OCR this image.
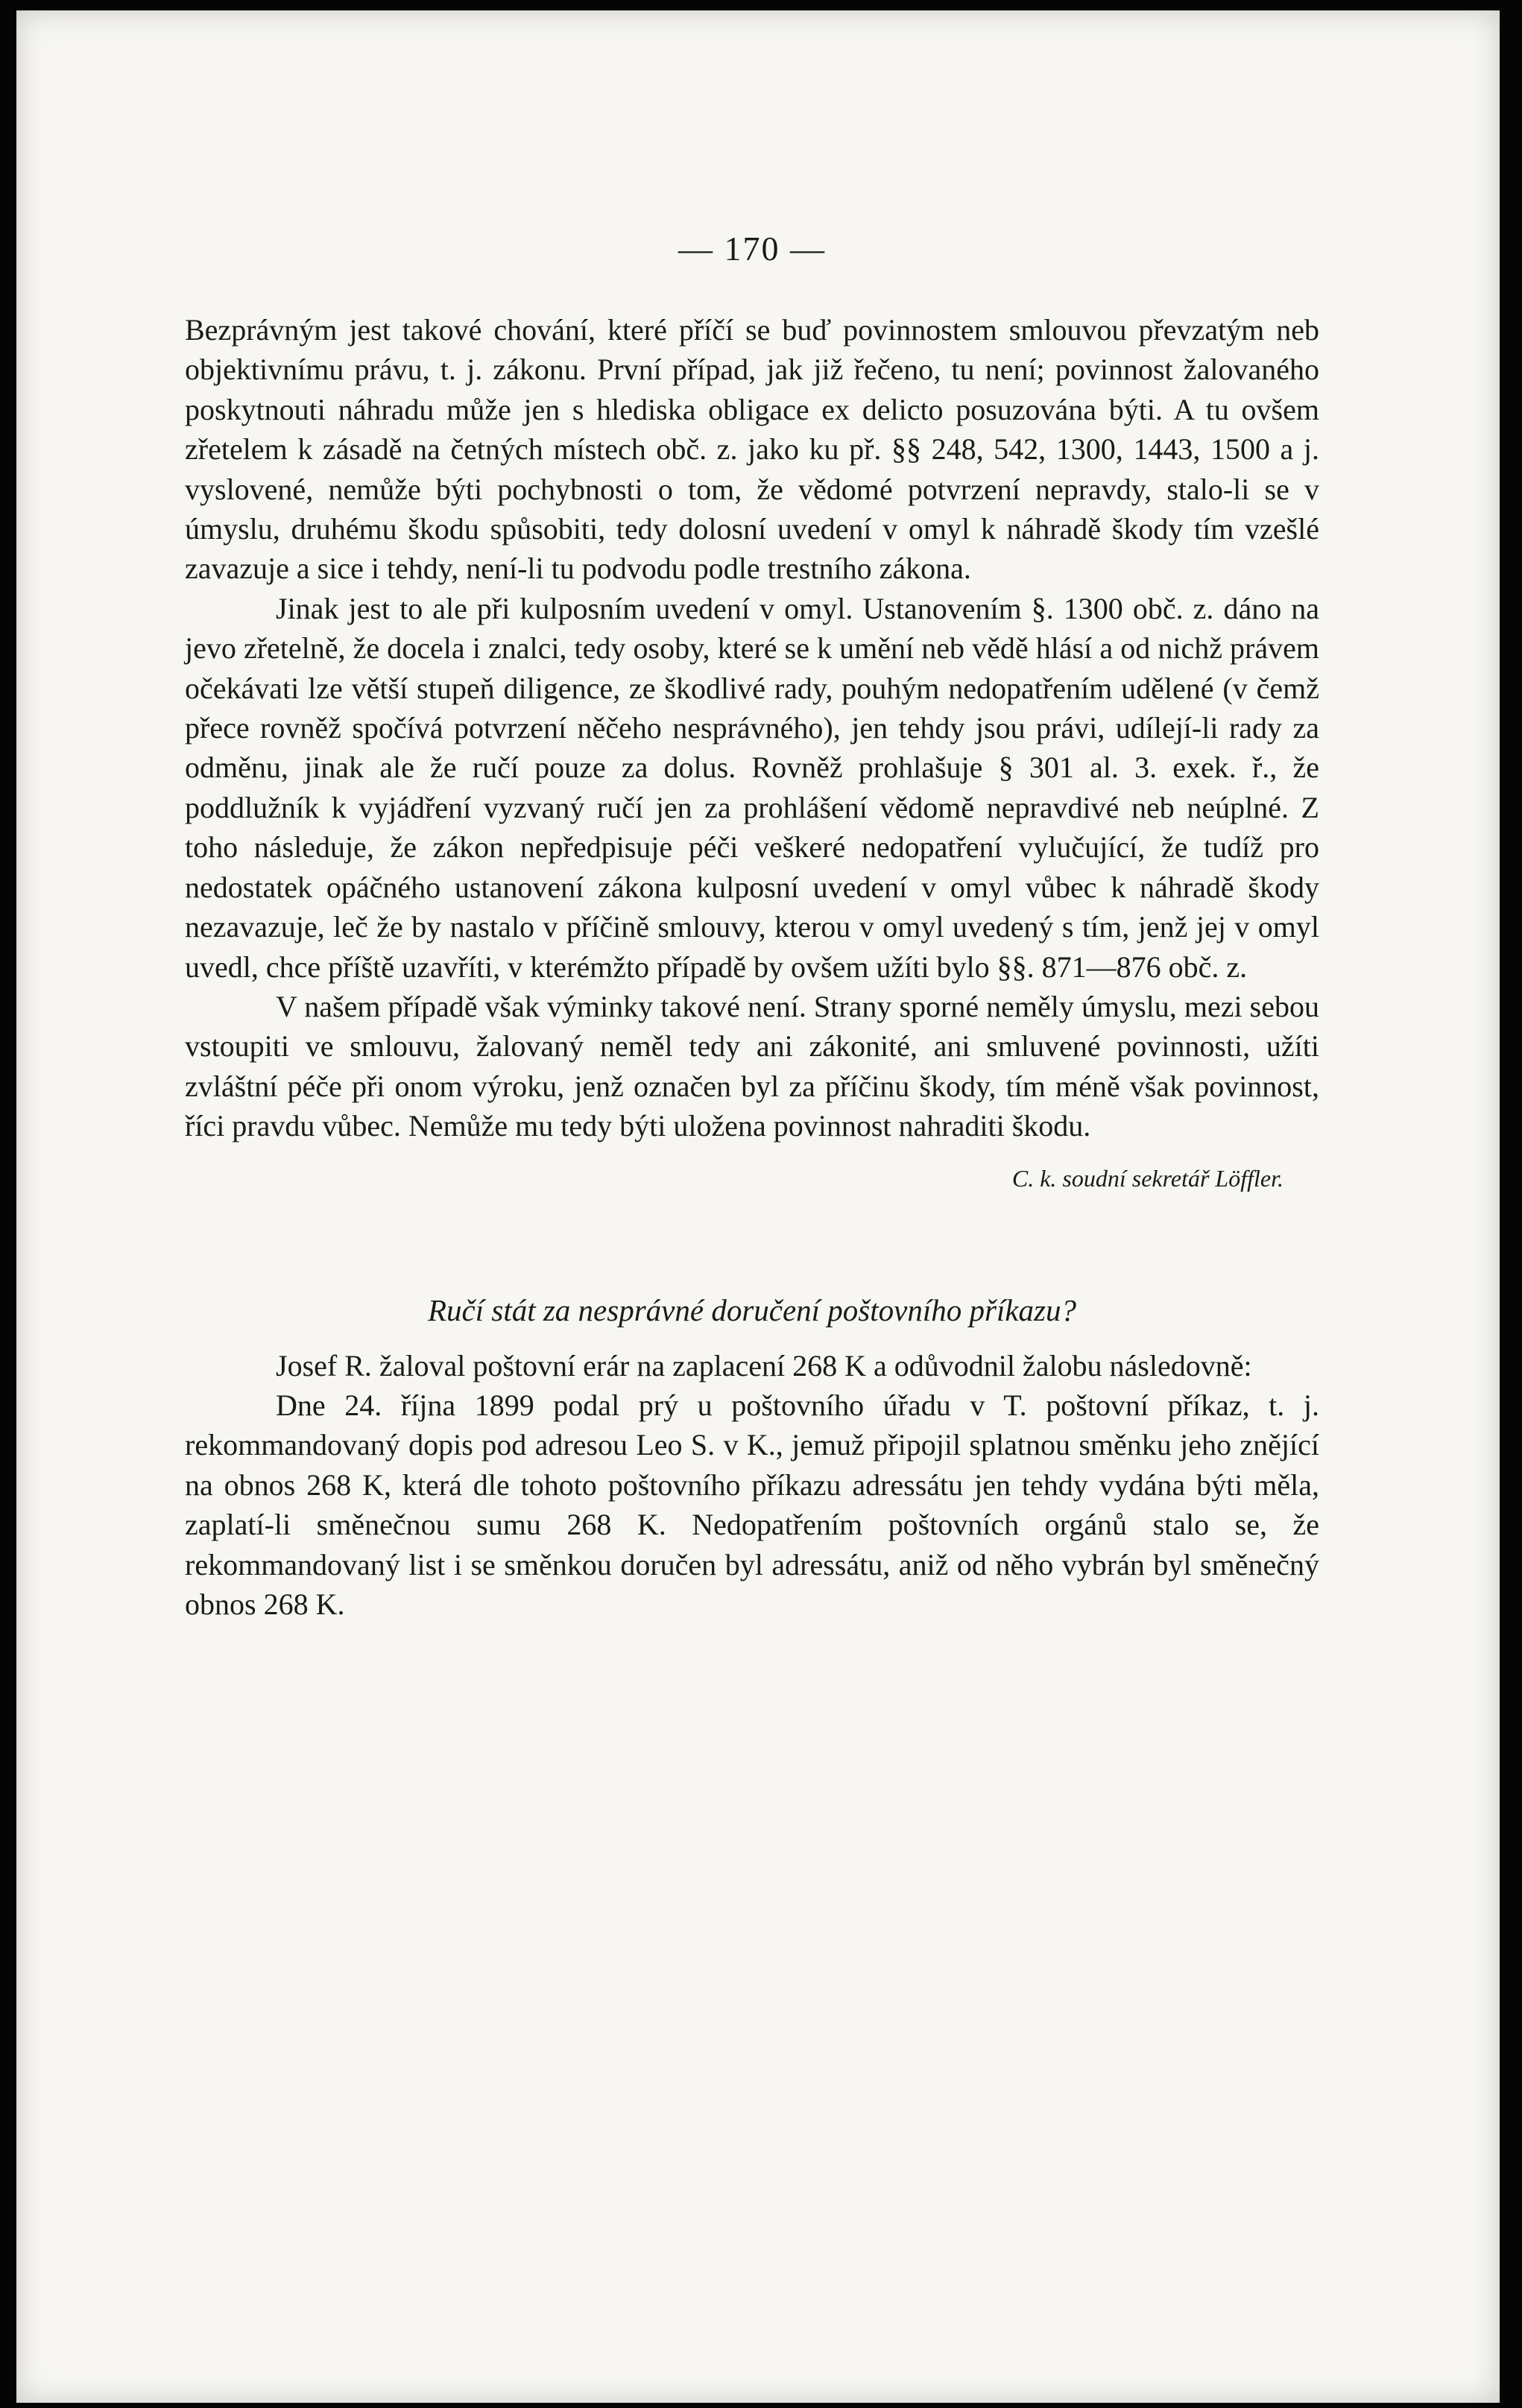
— 170 —

Bezprávným jest takové chování, které příčí se buď povinnostem smlouvou převzatým neb objektivnímu právu, t. j. zákonu. První případ, jak již řečeno, tu není; povinnost žalovaného poskytnouti náhradu může jen s hlediska obligace ex delicto posuzována býti. A tu ovšem zřetelem k zásadě na četných místech obč. z. jako ku př. §§ 248, 542, 1300, 1443, 1500 a j. vyslovené, nemůže býti pochybnosti o tom, že vědomé potvrzení nepravdy, stalo-li se v úmyslu, druhému škodu spůsobiti, tedy dolosní uvedení v omyl k náhradě škody tím vzešlé zavazuje a sice i tehdy, není-li tu podvodu podle trestního zákona.

Jinak jest to ale při kulposním uvedení v omyl. Ustanovením §. 1300 obč. z. dáno na jevo zřetelně, že docela i znalci, tedy osoby, které se k umění neb vědě hlásí a od nichž právem očekávati lze větší stupeň diligence, ze škodlivé rady, pouhým nedopatřením udělené (v čemž přece rovněž spočívá potvrzení něčeho nesprávného), jen tehdy jsou právi, udílejí-li rady za odměnu, jinak ale že ručí pouze za dolus. Rovněž prohlašuje § 301 al. 3. exek. ř., že poddlužník k vyjádření vyzvaný ručí jen za prohlášení vědomě nepravdivé neb neúplné. Z toho následuje, že zákon nepředpisuje péči veškeré nedopatření vylučující, že tudíž pro nedostatek opáčného ustanovení zákona kulposní uvedení v omyl vůbec k náhradě škody nezavazuje, leč že by nastalo v příčině smlouvy, kterou v omyl uvedený s tím, jenž jej v omyl uvedl, chce příště uzavříti, v kterémžto případě by ovšem užíti bylo §§. 871—876 obč. z.

V našem případě však výminky takové není. Strany sporné neměly úmyslu, mezi sebou vstoupiti ve smlouvu, žalovaný neměl tedy ani zákonité, ani smluvené povinnosti, užíti zvláštní péče při onom výroku, jenž označen byl za příčinu škody, tím méně však povinnost, říci pravdu vůbec. Nemůže mu tedy býti uložena povinnost nahraditi škodu.

C. k. soudní sekretář Löffler.
Ručí stát za nesprávné doručení poštovního příkazu?

Josef R. žaloval poštovní erár na zaplacení 268 K a odůvodnil žalobu následovně:

Dne 24. října 1899 podal prý u poštovního úřadu v T. poštovní příkaz, t. j. rekommandovaný dopis pod adresou Leo S. v K., jemuž připojil splatnou směnku jeho znějící na obnos 268 K, která dle tohoto poštovního příkazu adressátu jen tehdy vydána býti měla, zaplatí-li směnečnou sumu 268 K. Nedopatřením poštovních orgánů stalo se, že rekommandovaný list i se směnkou doručen byl adressátu, aniž od něho vybrán byl směnečný obnos 268 K.
